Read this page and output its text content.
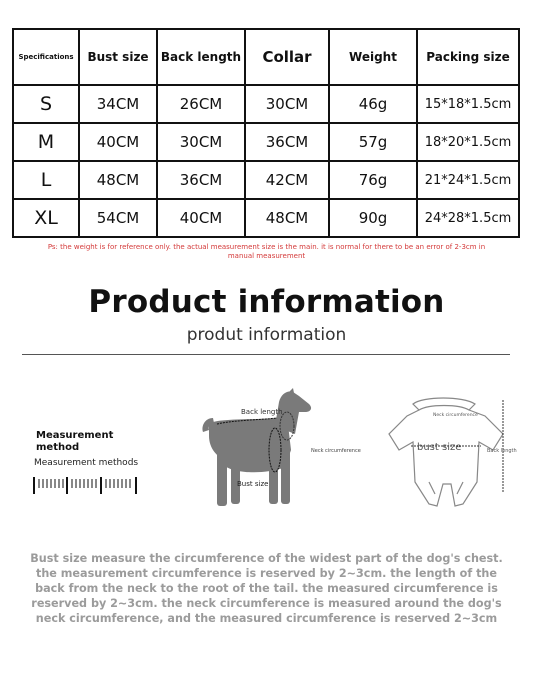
Specifications	Bust size	Back length	Collar	Weight	Packing size
S	34CM	26CM	30CM	46g	15*18*1.5cm
M	40CM	30CM	36CM	57g	18*20*1.5cm
L	48CM	36CM	42CM	76g	21*24*1.5cm
XL	54CM	40CM	48CM	90g	24*28*1.5cm
Ps: the weight is for reference only. the actual measurement size is the main. it is normal for there to be an error of 2-3cm in manual measurement
Product information
produt information
Measurement method
Measurement methods
Back length
Neck circumference
Bust size
Neck circumference
bust size	Back length
Bust size measure the circumference of the widest part of the dog's chest.
the measurement circumference is reserved by 2~3cm. the length of the
back from the neck to the root of the tail. the measured circumference is
reserved by 2~3cm. the neck circumference is measured around the dog's
neck circumference, and the measured circumference is reserved 2~3cm
